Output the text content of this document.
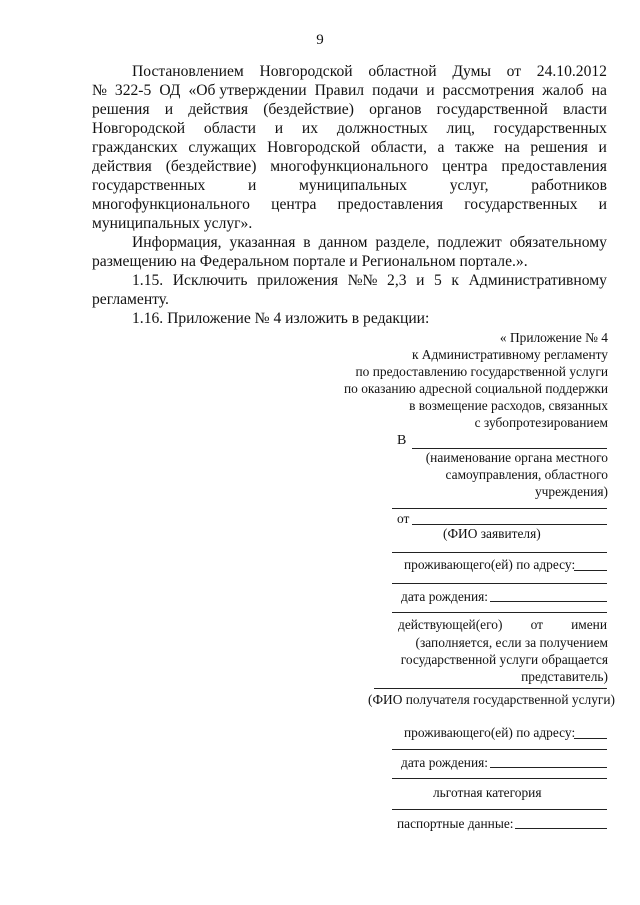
9
Постановлением Новгородской областной Думы от 24.10.2012
№ 322-5 ОД «Об утверждении Правил подачи и рассмотрения жалоб на
решения и действия (бездействие) органов государственной власти
Новгородской области и их должностных лиц, государственных
гражданских служащих Новгородской области, а также на решения и
действия (бездействие) многофункционального центра предоставления
государственных	и	муниципальных	услуг,	работников
многофункционального центра предоставления государственных и
муниципальных услуг».
Информация, указанная в данном разделе, подлежит обязательному
размещению на Федеральном портале и Региональном портале.».
1.15. Исключить приложения №№ 2,3 и 5 к Административному
регламенту.
1.16. Приложение № 4 изложить в редакции:
« Приложение № 4
к Административному регламенту
по предоставлению государственной услуги
по оказанию адресной социальной поддержки
в возмещение расходов, связанных
с зубопротезированием
В
(наименование органа местного
самоуправления, областного
учреждения)
от
(ФИО заявителя)
проживающего(ей) по адресу:
дата рождения:
действующей(его) от имени
(заполняется, если за получением
государственной услуги обращается
представитель)
(ФИО получателя государственной услуги)
проживающего(ей) по адресу:
дата рождения:
льготная категория
паспортные данные:
